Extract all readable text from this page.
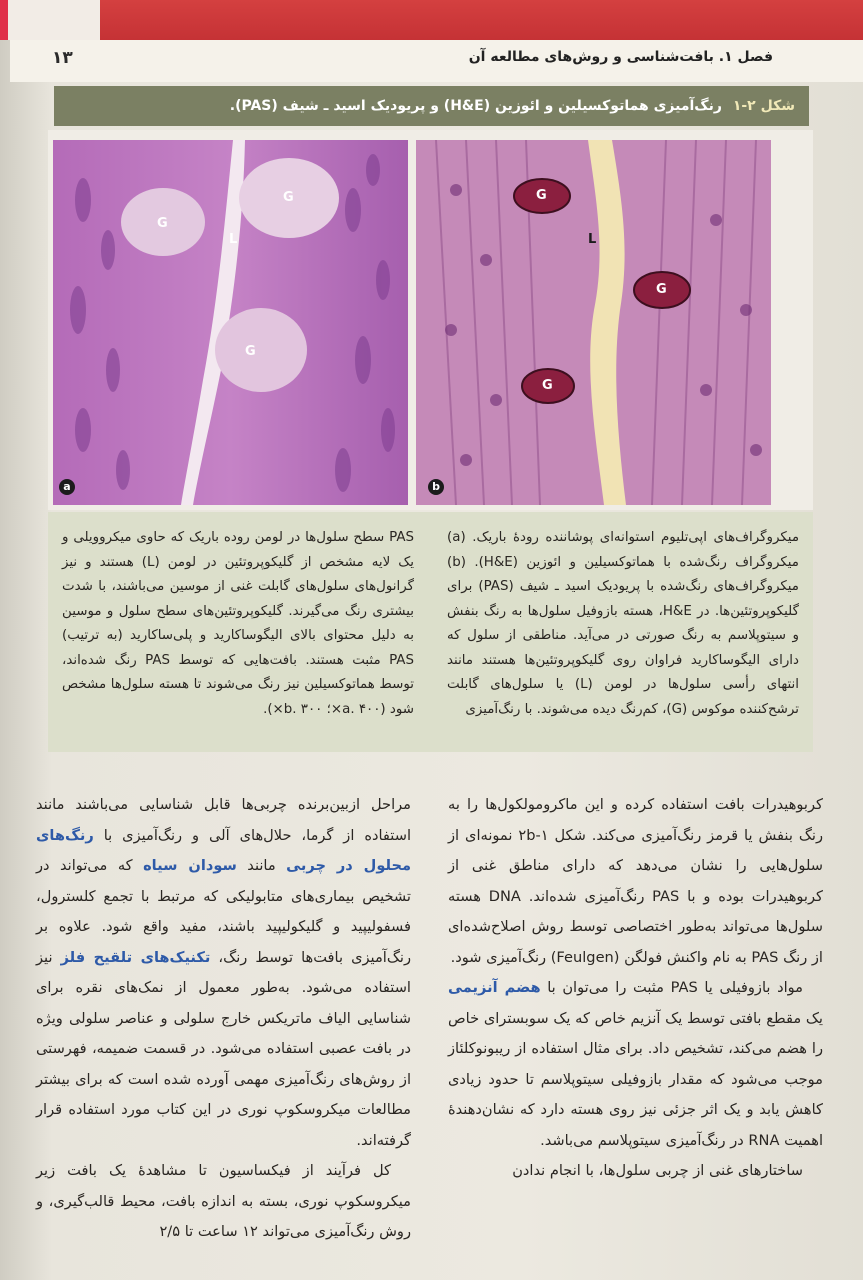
۱۳	فصل ۱. بافت‌شناسی و روش‌های مطالعه آن
شکل ۲-۱ رنگ‌آمیزی هماتوکسیلین و ائوزین (H&E) و پریودیک اسید ـ شیف (PAS).
G
G
G
L
a
G
G
G
L
b
میکروگراف‌های اپی‌تلیوم استوانه‌ای پوشاننده رودهٔ باریک. (a) میکروگراف رنگ‌شده با هماتوکسیلین و ائوزین (H&E). (b) میکروگراف‌های رنگ‌شده با پریودیک اسید ـ شیف (PAS) برای گلیکوپروتئین‌ها. در H&E، هسته بازوفیل سلول‌ها به رنگ بنفش و سیتوپلاسم به رنگ صورتی در می‌آید. مناطقی از سلول که دارای الیگوساکارید فراوان روی گلیکوپروتئین‌ها هستند مانند انتهای رأسی سلول‌ها در لومن (L) یا سلول‌های گابلت ترشح‌کننده موکوس (G)، کم‌رنگ دیده می‌شوند. با رنگ‌آمیزی
PAS سطح سلول‌ها در لومن روده باریک که حاوی میکروویلی و یک لایه مشخص از گلیکوپروتئین در لومن (L) هستند و نیز گرانول‌های سلول‌های گابلت غنی از موسین می‌باشند، با شدت بیشتری رنگ می‌گیرند. گلیکوپروتئین‌های سطح سلول و موسین به دلیل محتوای بالای الیگوساکارید و پلی‌ساکارید (به ترتیب) PAS مثبت هستند. بافت‌هایی که توسط PAS رنگ شده‌اند، توسط هماتوکسیلین نیز رنگ می‌شوند تا هسته سلول‌ها مشخص شود (a. ۴۰۰×؛ b. ۳۰۰×).

کربوهیدرات بافت استفاده کرده و این ماکرومولکول‌ها را به رنگ بنفش یا قرمز رنگ‌آمیزی می‌کند. شکل ۲b-۱ نمونه‌ای از سلول‌هایی را نشان می‌دهد که دارای مناطق غنی از کربوهیدرات بوده و با PAS رنگ‌آمیزی شده‌اند. DNA هسته سلول‌ها می‌تواند به‌طور اختصاصی توسط روش اصلاح‌شده‌ای از رنگ PAS به نام واکنش فولگن (Feulgen) رنگ‌آمیزی شود.

مواد بازوفیلی یا PAS مثبت را می‌توان با هضم آنزیمی یک مقطع بافتی توسط یک آنزیم خاص که یک سوبسترای خاص را هضم می‌کند، تشخیص داد. برای مثال استفاده از ریبونوکلئاز موجب می‌شود که مقدار بازوفیلی سیتوپلاسم تا حدود زیادی کاهش یابد و یک اثر جزئی نیز روی هسته دارد که نشان‌دهندهٔ اهمیت RNA در رنگ‌آمیزی سیتوپلاسم می‌باشد.

ساختارهای غنی از چربی سلول‌ها، با انجام ندادن

مراحل ازبین‌برنده چربی‌ها قابل شناسایی می‌باشند مانند استفاده از گرما، حلال‌های آلی و رنگ‌آمیزی با رنگ‌های محلول در چربی مانند سودان سیاه که می‌تواند در تشخیص بیماری‌های متابولیکی که مرتبط با تجمع کلسترول، فسفولیپید و گلیکولیپید باشند، مفید واقع شود. علاوه بر رنگ‌آمیزی بافت‌ها توسط رنگ، تکنیک‌های تلقیح فلز نیز استفاده می‌شود. به‌طور معمول از نمک‌های نقره برای شناسایی الیاف ماتریکس خارج سلولی و عناصر سلولی ویژه در بافت عصبی استفاده می‌شود. در قسمت ضمیمه، فهرستی از روش‌های رنگ‌آمیزی مهمی آورده شده است که برای بیشتر مطالعات میکروسکوپ نوری در این کتاب مورد استفاده قرار گرفته‌اند.

کل فرآیند از فیکساسیون تا مشاهدهٔ یک بافت زیر میکروسکوپ نوری، بسته به اندازه بافت، محیط قالب‌گیری، و روش رنگ‌آمیزی می‌تواند ۱۲ ساعت تا ۲/۵
